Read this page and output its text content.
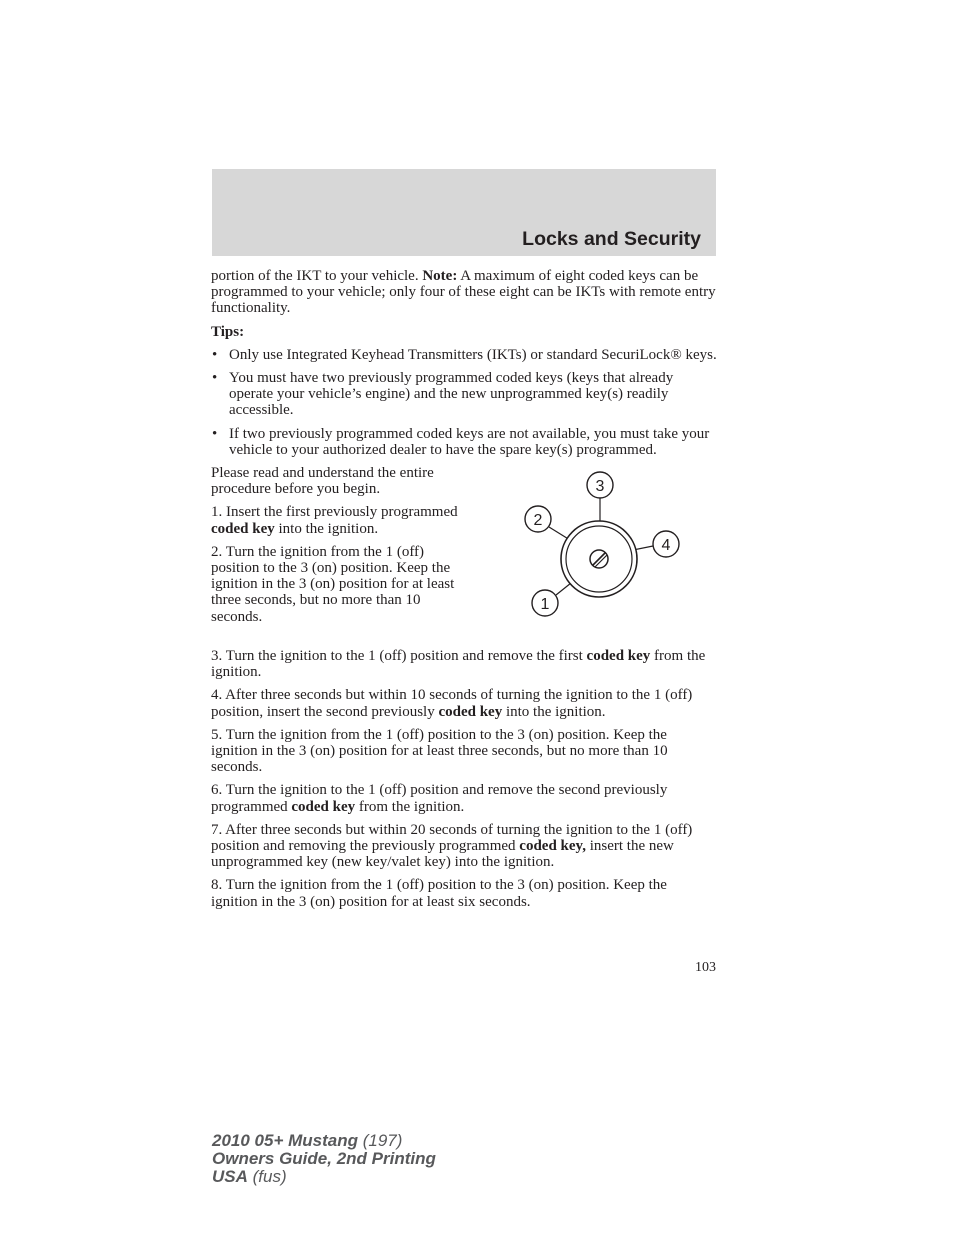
Locks and Security

portion of the IKT to your vehicle. Note: A maximum of eight coded keys can be programmed to your vehicle; only four of these eight can be IKTs with remote entry functionality.

Tips:
• Only use Integrated Keyhead Transmitters (IKTs) or standard SecuriLock® keys.
• You must have two previously programmed coded keys (keys that already operate your vehicle’s engine) and the new unprogrammed key(s) readily accessible.
• If two previously programmed coded keys are not available, you must take your vehicle to your authorized dealer to have the spare key(s) programmed.

Please read and understand the entire procedure before you begin.

1. Insert the first previously programmed coded key into the ignition.

2. Turn the ignition from the 1 (off) position to the 3 (on) position. Keep the ignition in the 3 (on) position for at least three seconds, but no more than 10 seconds.

3
2
4
1

3. Turn the ignition to the 1 (off) position and remove the first coded key from the ignition.

4. After three seconds but within 10 seconds of turning the ignition to the 1 (off) position, insert the second previously coded key into the ignition.

5. Turn the ignition from the 1 (off) position to the 3 (on) position. Keep the ignition in the 3 (on) position for at least three seconds, but no more than 10 seconds.

6. Turn the ignition to the 1 (off) position and remove the second previously programmed coded key from the ignition.

7. After three seconds but within 20 seconds of turning the ignition to the 1 (off) position and removing the previously programmed coded key, insert the new unprogrammed key (new key/valet key) into the ignition.

8. Turn the ignition from the 1 (off) position to the 3 (on) position. Keep the ignition in the 3 (on) position for at least six seconds.

103
2010 05+ Mustang (197)
Owners Guide, 2nd Printing
USA (fus)
